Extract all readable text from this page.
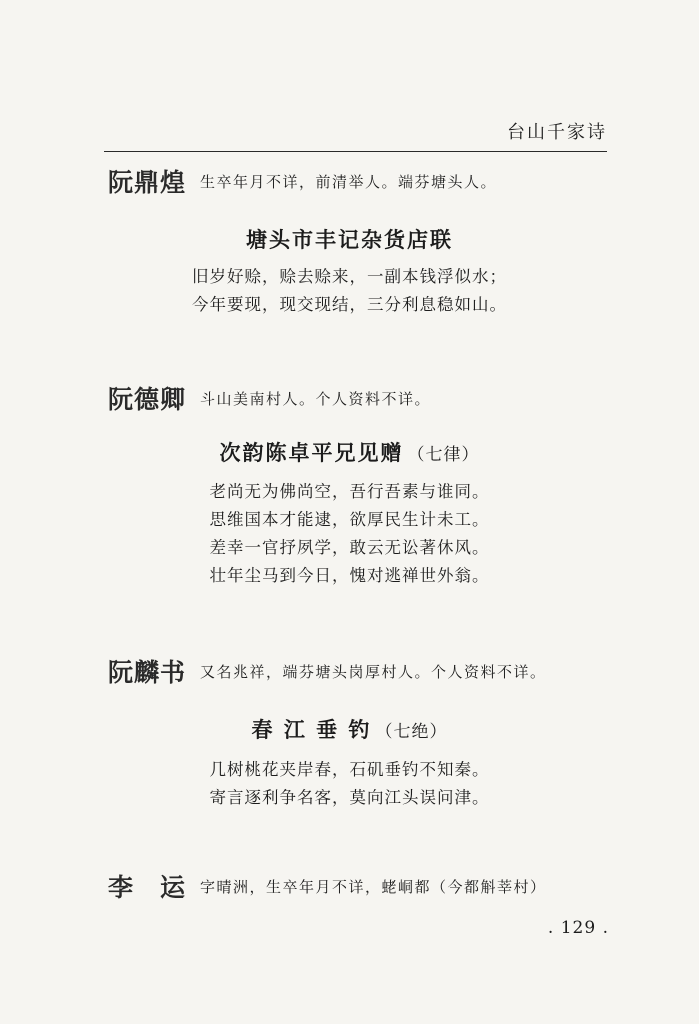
台山千家诗
阮鼎煌 生卒年月不详，前清举人。端芬塘头人。
塘头市丰记杂货店联
旧岁好赊，赊去赊来，一副本钱浮似水；
今年要现，现交现结，三分利息稳如山。
阮德卿 斗山美南村人。个人资料不详。
次韵陈卓平兄见赠 （七律）
老尚无为佛尚空，吾行吾素与谁同。
思维国本才能逮，欲厚民生计未工。
差幸一官抒夙学，敢云无讼著休风。
壮年尘马到今日，愧对逃禅世外翁。
阮麟书 又名兆祥，端芬塘头岗厚村人。个人资料不详。
春 江 垂 钓 （七绝）
几树桃花夹岸春，石矶垂钓不知秦。
寄言逐利争名客，莫向江头误问津。
李　运 字晴洲，生卒年月不详，蛯峒都（今都斛莘村）
. 129 .
